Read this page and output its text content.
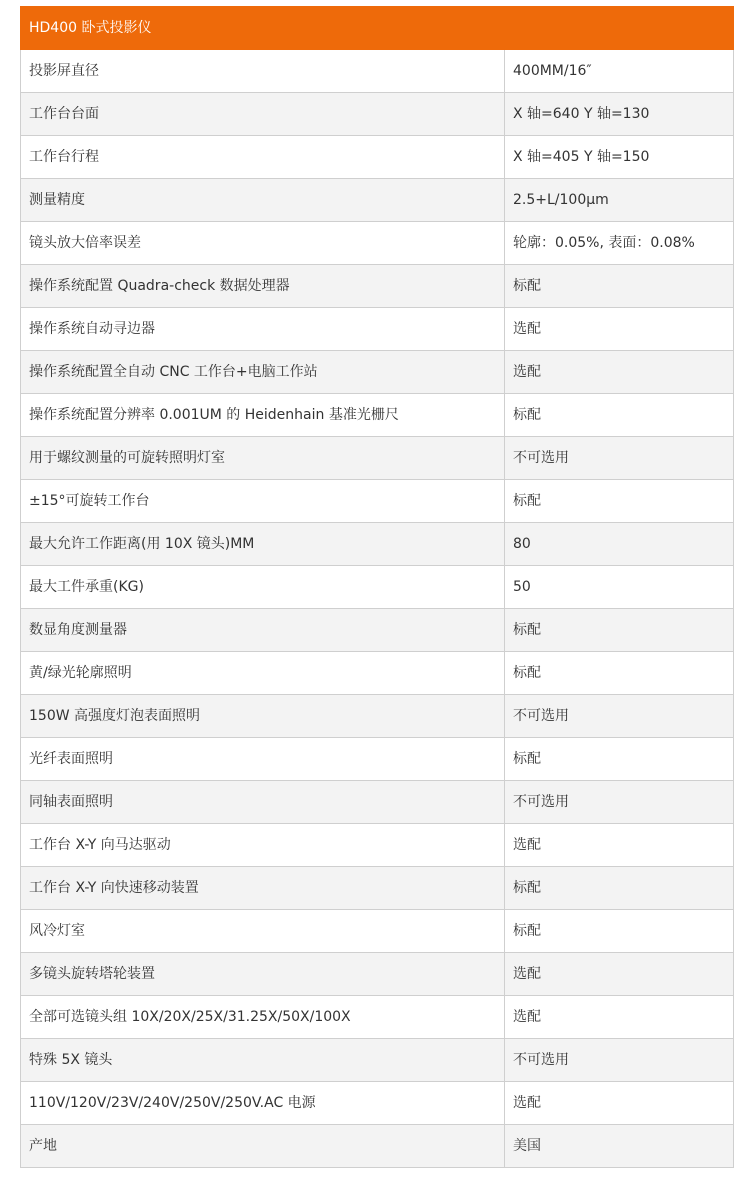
HD400 卧式投影仪	
投影屏直径	400MM/16″
工作台台面	X 轴=640 Y 轴=130
工作台行程	X 轴=405 Y 轴=150
测量精度	2.5+L/100μm
镜头放大倍率误差	轮廓：0.05%, 表面：0.08%
操作系统配置 Quadra-check 数据处理器	标配
操作系统自动寻边器	选配
操作系统配置全自动 CNC 工作台+电脑工作站	选配
操作系统配置分辨率 0.001UM 的 Heidenhain 基准光栅尺	标配
用于螺纹测量的可旋转照明灯室	不可选用
±15°可旋转工作台	标配
最大允许工作距离(用 10X 镜头)MM	80
最大工件承重(KG)	50
数显角度测量器	标配
黄/绿光轮廓照明	标配
150W 高强度灯泡表面照明	不可选用
光纤表面照明	标配
同轴表面照明	不可选用
工作台 X-Y 向马达驱动	选配
工作台 X-Y 向快速移动装置	标配
风冷灯室	标配
多镜头旋转塔轮装置	选配
全部可选镜头组 10X/20X/25X/31.25X/50X/100X	选配
特殊 5X 镜头	不可选用
110V/120V/23V/240V/250V/250V.AC 电源	选配
产地	美国
